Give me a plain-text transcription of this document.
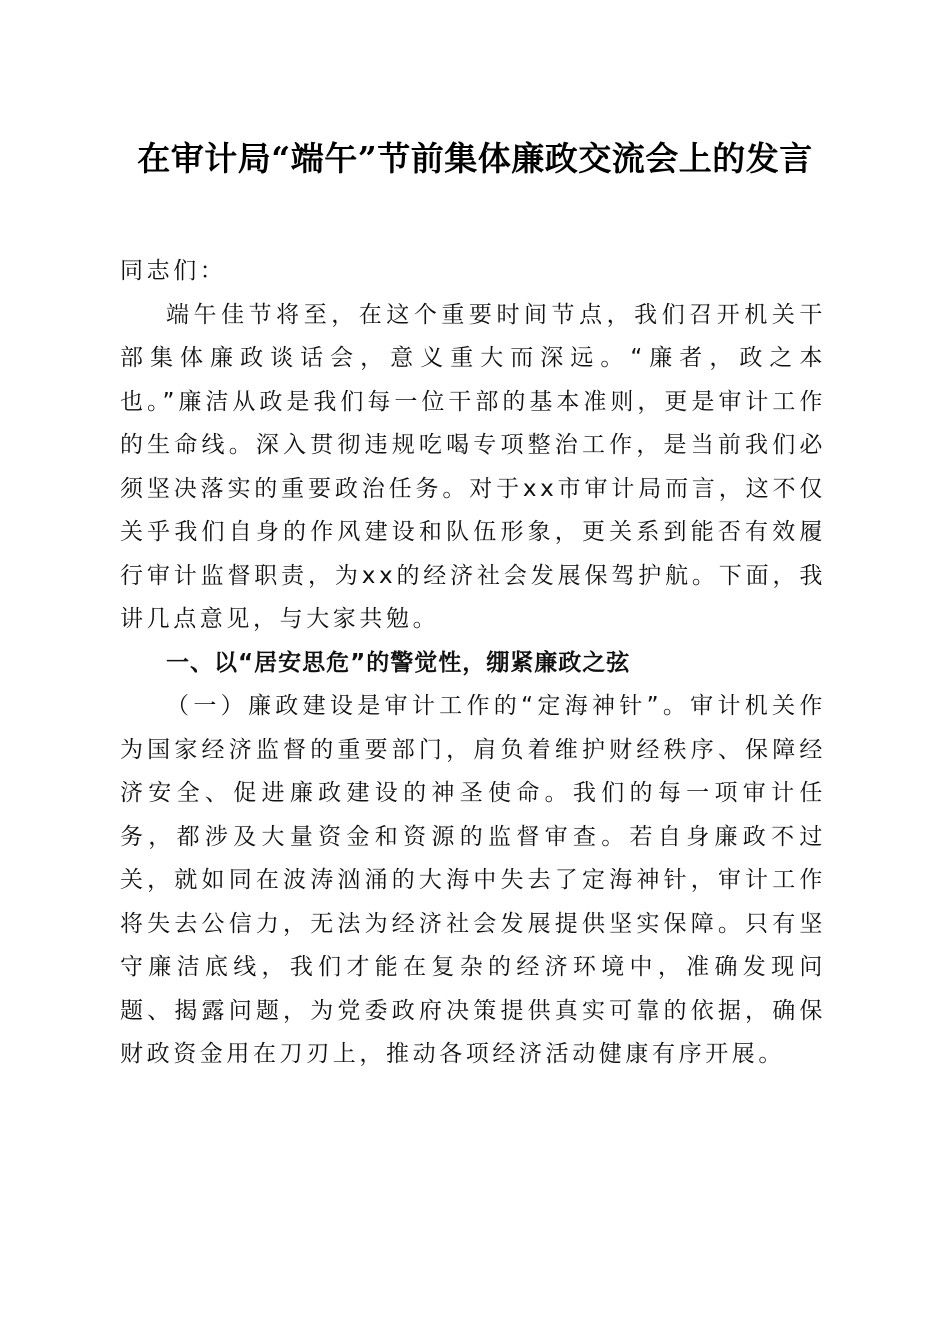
在审计局“端午”节前集体廉政交流会上的发言

同志们：

端午佳节将至，在这个重要时间节点，我们召开机关干部集体廉政谈话会，意义重大而深远。“廉者，政之本也。”廉洁从政是我们每一位干部的基本准则，更是审计工作的生命线。深入贯彻违规吃喝专项整治工作，是当前我们必须坚决落实的重要政治任务。对于xx市审计局而言，这不仅关乎我们自身的作风建设和队伍形象，更关系到能否有效履行审计监督职责，为xx的经济社会发展保驾护航。下面，我讲几点意见，与大家共勉。

一、以“居安思危”的警觉性，绷紧廉政之弦

（一）廉政建设是审计工作的“定海神针”。审计机关作为国家经济监督的重要部门，肩负着维护财经秩序、保障经济安全、促进廉政建设的神圣使命。我们的每一项审计任务，都涉及大量资金和资源的监督审查。若自身廉政不过关，就如同在波涛汹涌的大海中失去了定海神针，审计工作将失去公信力，无法为经济社会发展提供坚实保障。只有坚守廉洁底线，我们才能在复杂的经济环境中，准确发现问题、揭露问题，为党委政府决策提供真实可靠的依据，确保财政资金用在刀刃上，推动各项经济活动健康有序开展。
